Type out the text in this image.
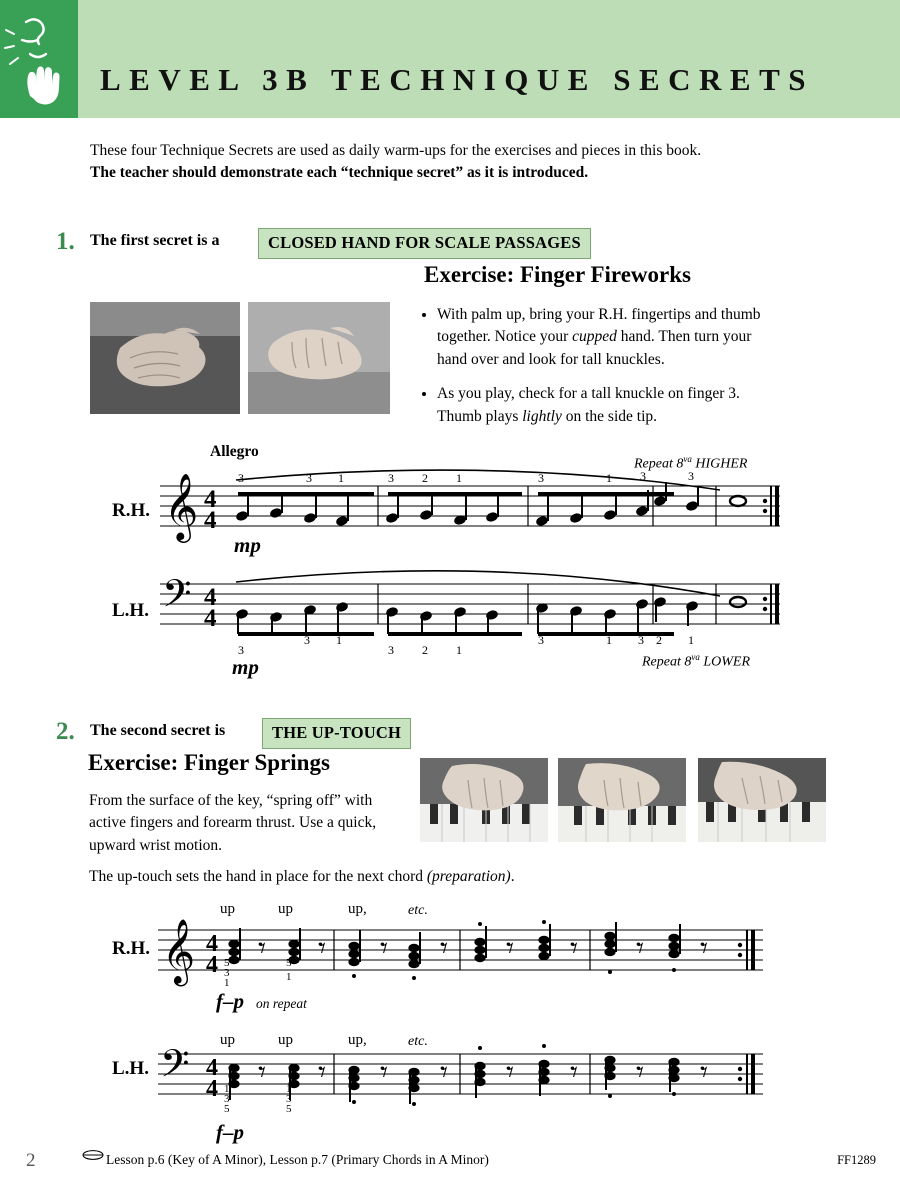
LEVEL 3B TECHNIQUE SECRETS
These four Technique Secrets are used as daily warm-ups for the exercises and pieces in this book.
The teacher should demonstrate each “technique secret” as it is introduced.
1. The first secret is a	CLOSED HAND FOR SCALE PASSAGES
Exercise: Finger Fireworks
• With palm up, bring your R.H. fingertips and thumb together. Notice your cupped hand. Then turn your hand over and look for tall knuckles.
• As you play, check for a tall knuckle on finger 3. Thumb plays lightly on the side tip.
Allegro
Repeat $8^{va}$ HIGHER
R.H.
mp
𝄞 4
4
3	3 1	3 2 1	3	1 3	3
L.H.
mp	Repeat $8^{va}$ LOWER
𝄢 4
4
3
3 1
3 2 1
3	1 3 2 1
2. The second secret is	THE UP-TOUCH
Exercise: Finger Springs
From the surface of the key, “spring off” with active fingers and forearm thrust. Use a quick, upward wrist motion.
The up-touch sets the hand in place for the next chord (preparation).
up	up	up,	etc.
R.H.
f–p on repeat
𝄞 4
4 𝄾 𝄾 𝄾 𝄾 𝄾 𝄾 𝄾 𝄾
5
3
1
5
1
up	up	up,	etc.
L.H.
f–p
𝄢 4
4 𝄾 𝄾 𝄾 𝄾 𝄾 𝄾 𝄾 𝄾
1
3
5
1
3
5
2	Lesson p.6 (Key of A Minor), Lesson p.7 (Primary Chords in A Minor)	FF1289
